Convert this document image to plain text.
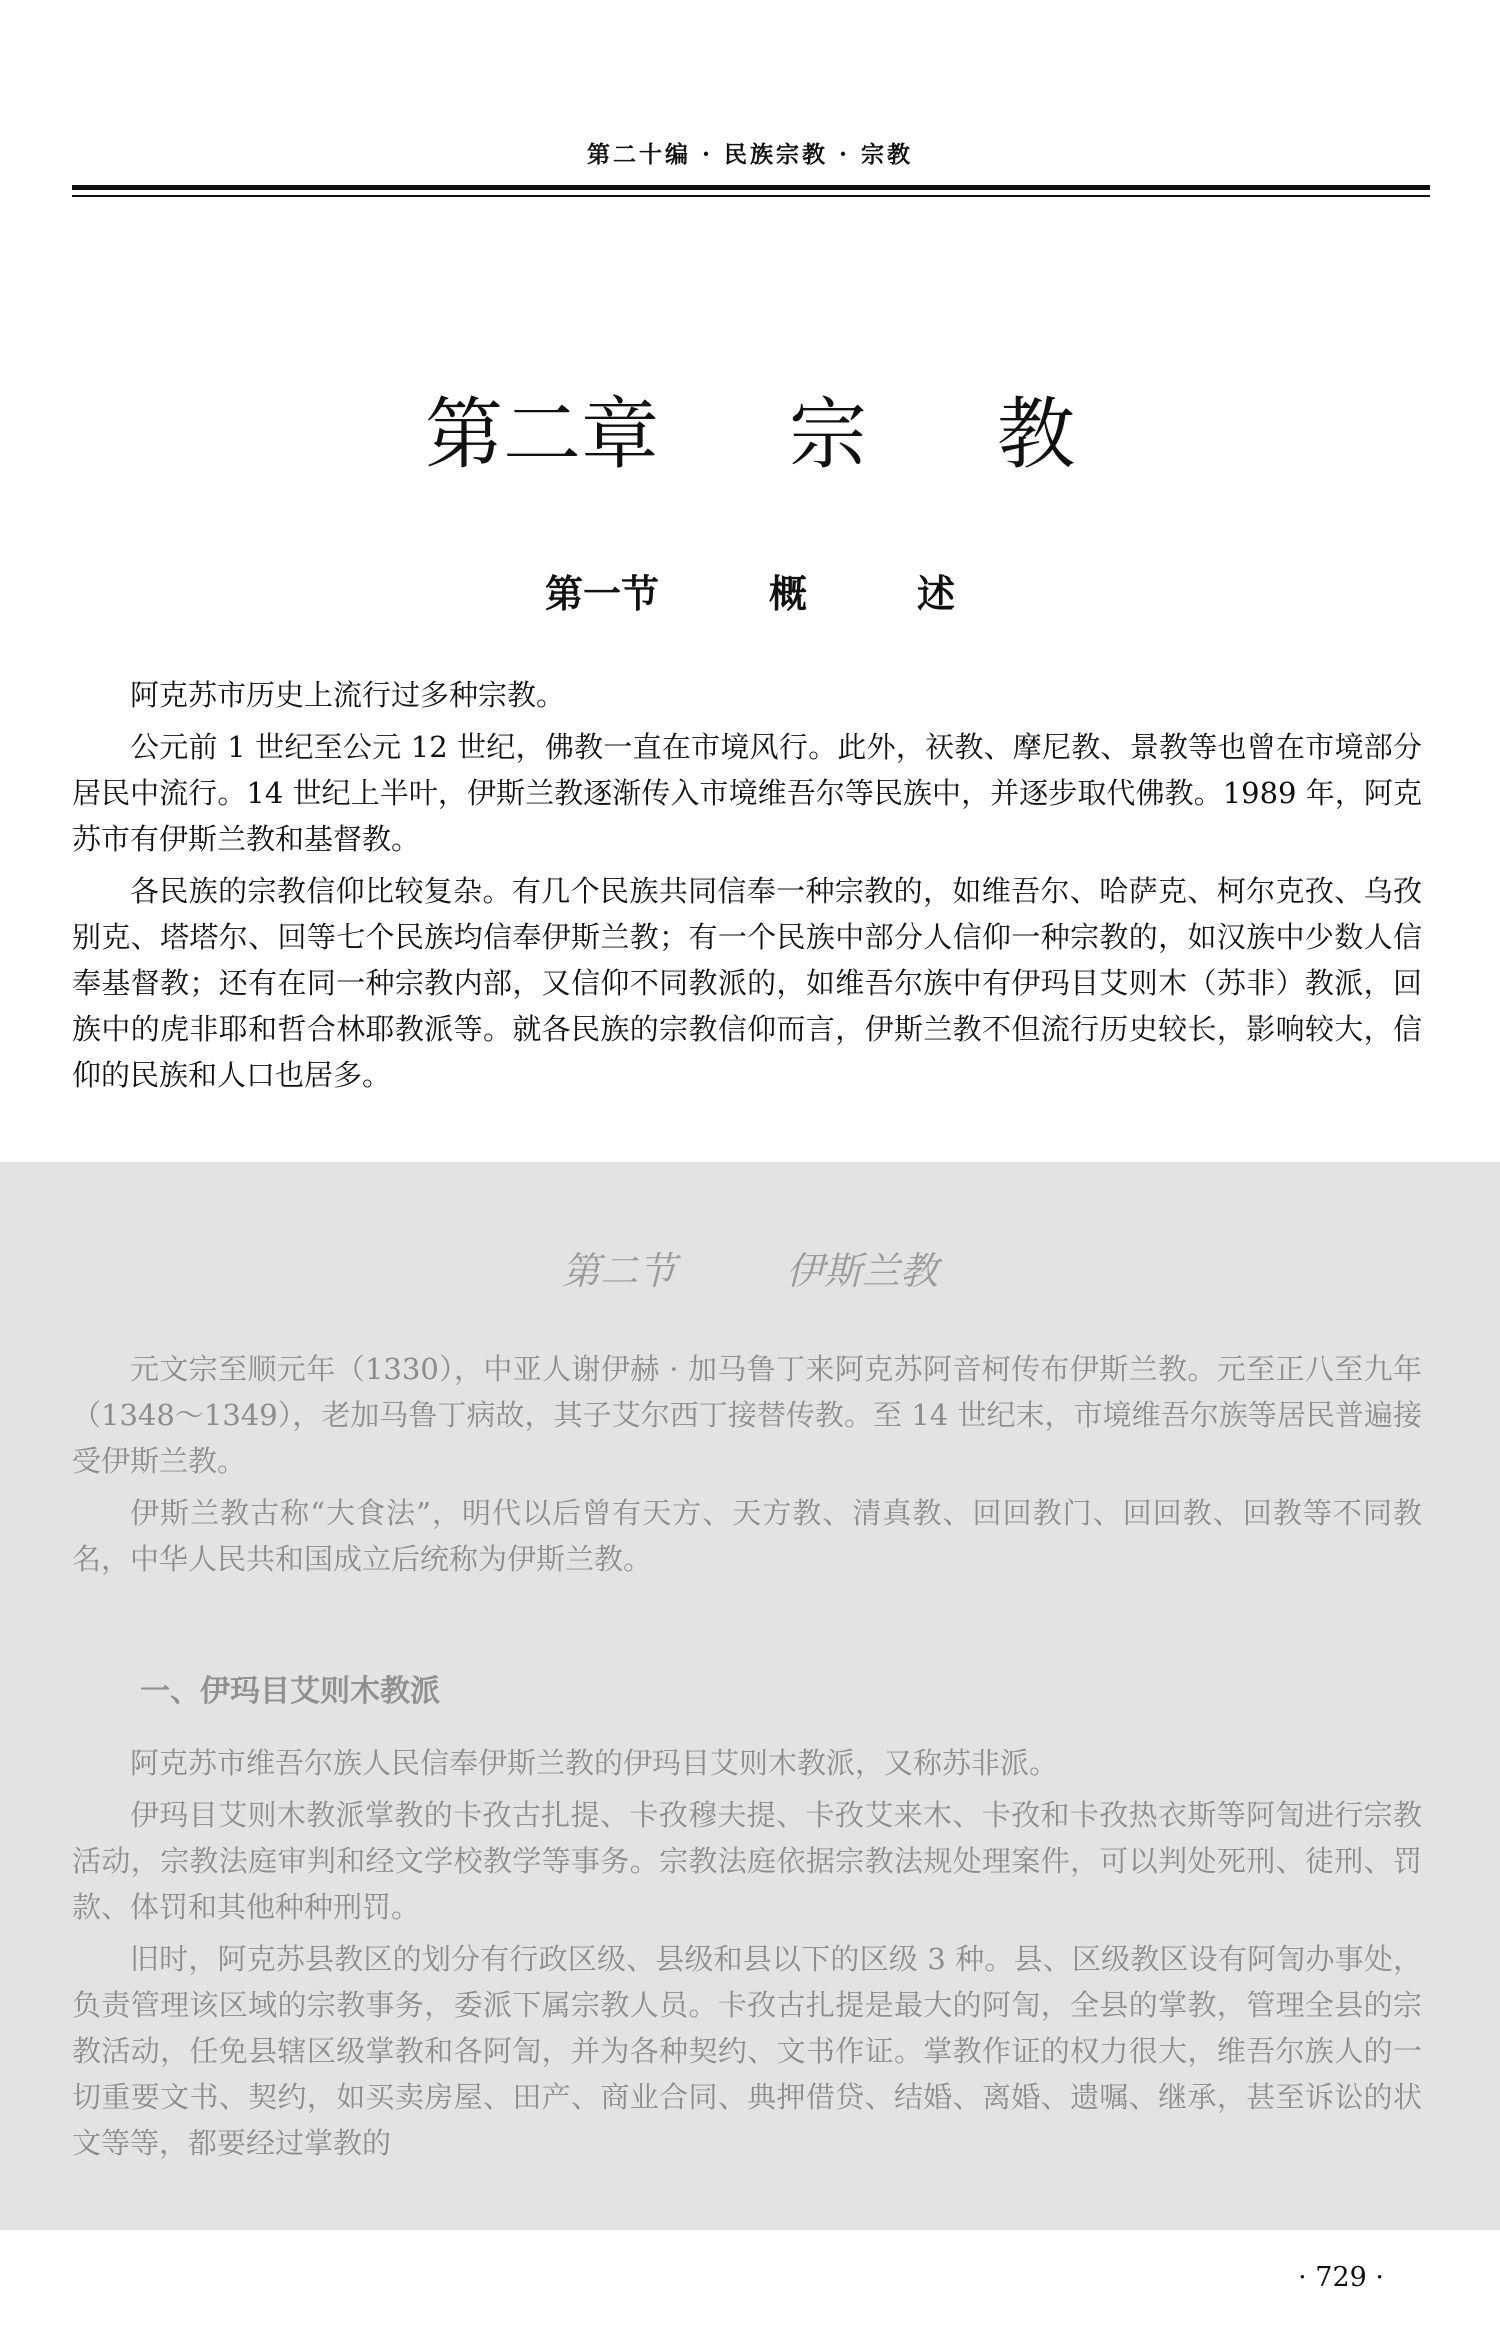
第二十编 · 民族宗教 · 宗教
第二章 宗 教
第一节	概	述

阿克苏市历史上流行过多种宗教。

公元前 1 世纪至公元 12 世纪，佛教一直在市境风行。此外，祆教、摩尼教、景教等也曾在市境部分居民中流行。14 世纪上半叶，伊斯兰教逐渐传入市境维吾尔等民族中，并逐步取代佛教。1989 年，阿克苏市有伊斯兰教和基督教。

各民族的宗教信仰比较复杂。有几个民族共同信奉一种宗教的，如维吾尔、哈萨克、柯尔克孜、乌孜别克、塔塔尔、回等七个民族均信奉伊斯兰教；有一个民族中部分人信仰一种宗教的，如汉族中少数人信奉基督教；还有在同一种宗教内部，又信仰不同教派的，如维吾尔族中有伊玛目艾则木（苏非）教派，回族中的虎非耶和哲合林耶教派等。就各民族的宗教信仰而言，伊斯兰教不但流行历史较长，影响较大，信仰的民族和人口也居多。

第二节	伊斯兰教

元文宗至顺元年（1330），中亚人谢伊赫 · 加马鲁丁来阿克苏阿音柯传布伊斯兰教。元至正八至九年（1348～1349），老加马鲁丁病故，其子艾尔西丁接替传教。至 14 世纪末，市境维吾尔族等居民普遍接受伊斯兰教。

伊斯兰教古称“大食法”，明代以后曾有天方、天方教、清真教、回回教门、回回教、回教等不同教名，中华人民共和国成立后统称为伊斯兰教。

一、伊玛目艾则木教派

阿克苏市维吾尔族人民信奉伊斯兰教的伊玛目艾则木教派，又称苏非派。

伊玛目艾则木教派掌教的卡孜古扎提、卡孜穆夫提、卡孜艾来木、卡孜和卡孜热衣斯等阿訇进行宗教活动，宗教法庭审判和经文学校教学等事务。宗教法庭依据宗教法规处理案件，可以判处死刑、徒刑、罚款、体罚和其他种种刑罚。

旧时，阿克苏县教区的划分有行政区级、县级和县以下的区级 3 种。县、区级教区设有阿訇办事处，负责管理该区域的宗教事务，委派下属宗教人员。卡孜古扎提是最大的阿訇，全县的掌教，管理全县的宗教活动，任免县辖区级掌教和各阿訇，并为各种契约、文书作证。掌教作证的权力很大，维吾尔族人的一切重要文书、契约，如买卖房屋、田产、商业合同、典押借贷、结婚、离婚、遗嘱、继承，甚至诉讼的状文等等，都要经过掌教的

· 729 ·
